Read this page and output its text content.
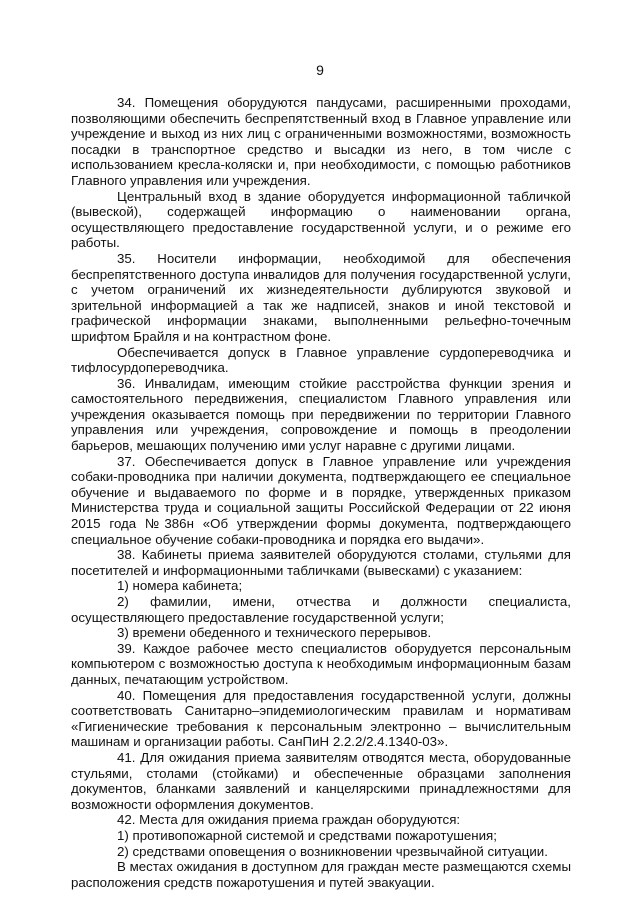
9

34. Помещения оборудуются пандусами, расширенными проходами, позволяющими обеспечить беспрепятственный вход в Главное управление или учреждение и выход из них лиц с ограниченными возможностями, возможность посадки в транспортное средство и высадки из него, в том числе с использованием кресла-коляски и, при необходимости, с помощью работников Главного управления или учреждения.

Центральный вход в здание оборудуется информационной табличкой (вывеской), содержащей информацию о наименовании органа, осуществляющего предоставление государственной услуги, и о режиме его работы.

35. Носители информации, необходимой для обеспечения беспрепятственного доступа инвалидов для получения государственной услуги, с учетом ограничений их жизнедеятельности дублируются звуковой и зрительной информацией а так же надписей, знаков и иной текстовой и графической информации знаками, выполненными рельефно-точечным шрифтом Брайля и на контрастном фоне.

Обеспечивается допуск в Главное управление сурдопереводчика и тифлосурдопереводчика.

36. Инвалидам, имеющим стойкие расстройства функции зрения и самостоятельного передвижения, специалистом Главного управления или учреждения оказывается помощь при передвижении по территории Главного управления или учреждения, сопровождение и помощь в преодолении барьеров, мешающих получению ими услуг наравне с другими лицами.

37. Обеспечивается допуск в Главное управление или учреждения собаки-проводника при наличии документа, подтверждающего ее специальное обучение и выдаваемого по форме и в порядке, утвержденных приказом Министерства труда и социальной защиты Российской Федерации от 22 июня 2015 года №386н «Об утверждении формы документа, подтверждающего специальное обучение собаки-проводника и порядка его выдачи».

38. Кабинеты приема заявителей оборудуются столами, стульями для посетителей и информационными табличками (вывесками) с указанием:

1) номера кабинета;

2) фамилии, имени, отчества и должности специалиста, осуществляющего предоставление государственной услуги;

3) времени обеденного и технического перерывов.

39. Каждое рабочее место специалистов оборудуется персональным компьютером с возможностью доступа к необходимым информационным базам данных, печатающим устройством.

40. Помещения для предоставления государственной услуги, должны соответствовать Санитарно–эпидемиологическим правилам и нормативам «Гигиенические требования к персональным электронно – вычислительным машинам и организации работы. СанПиН 2.2.2/2.4.1340-03».

41. Для ожидания приема заявителям отводятся места, оборудованные стульями, столами (стойками) и обеспеченные образцами заполнения документов, бланками заявлений и канцелярскими принадлежностями для возможности оформления документов.

42. Места для ожидания приема граждан оборудуются:

1) противопожарной системой и средствами пожаротушения;

2) средствами оповещения о возникновении чрезвычайной ситуации.

В местах ожидания в доступном для граждан месте размещаются схемы расположения средств пожаротушения и путей эвакуации.
